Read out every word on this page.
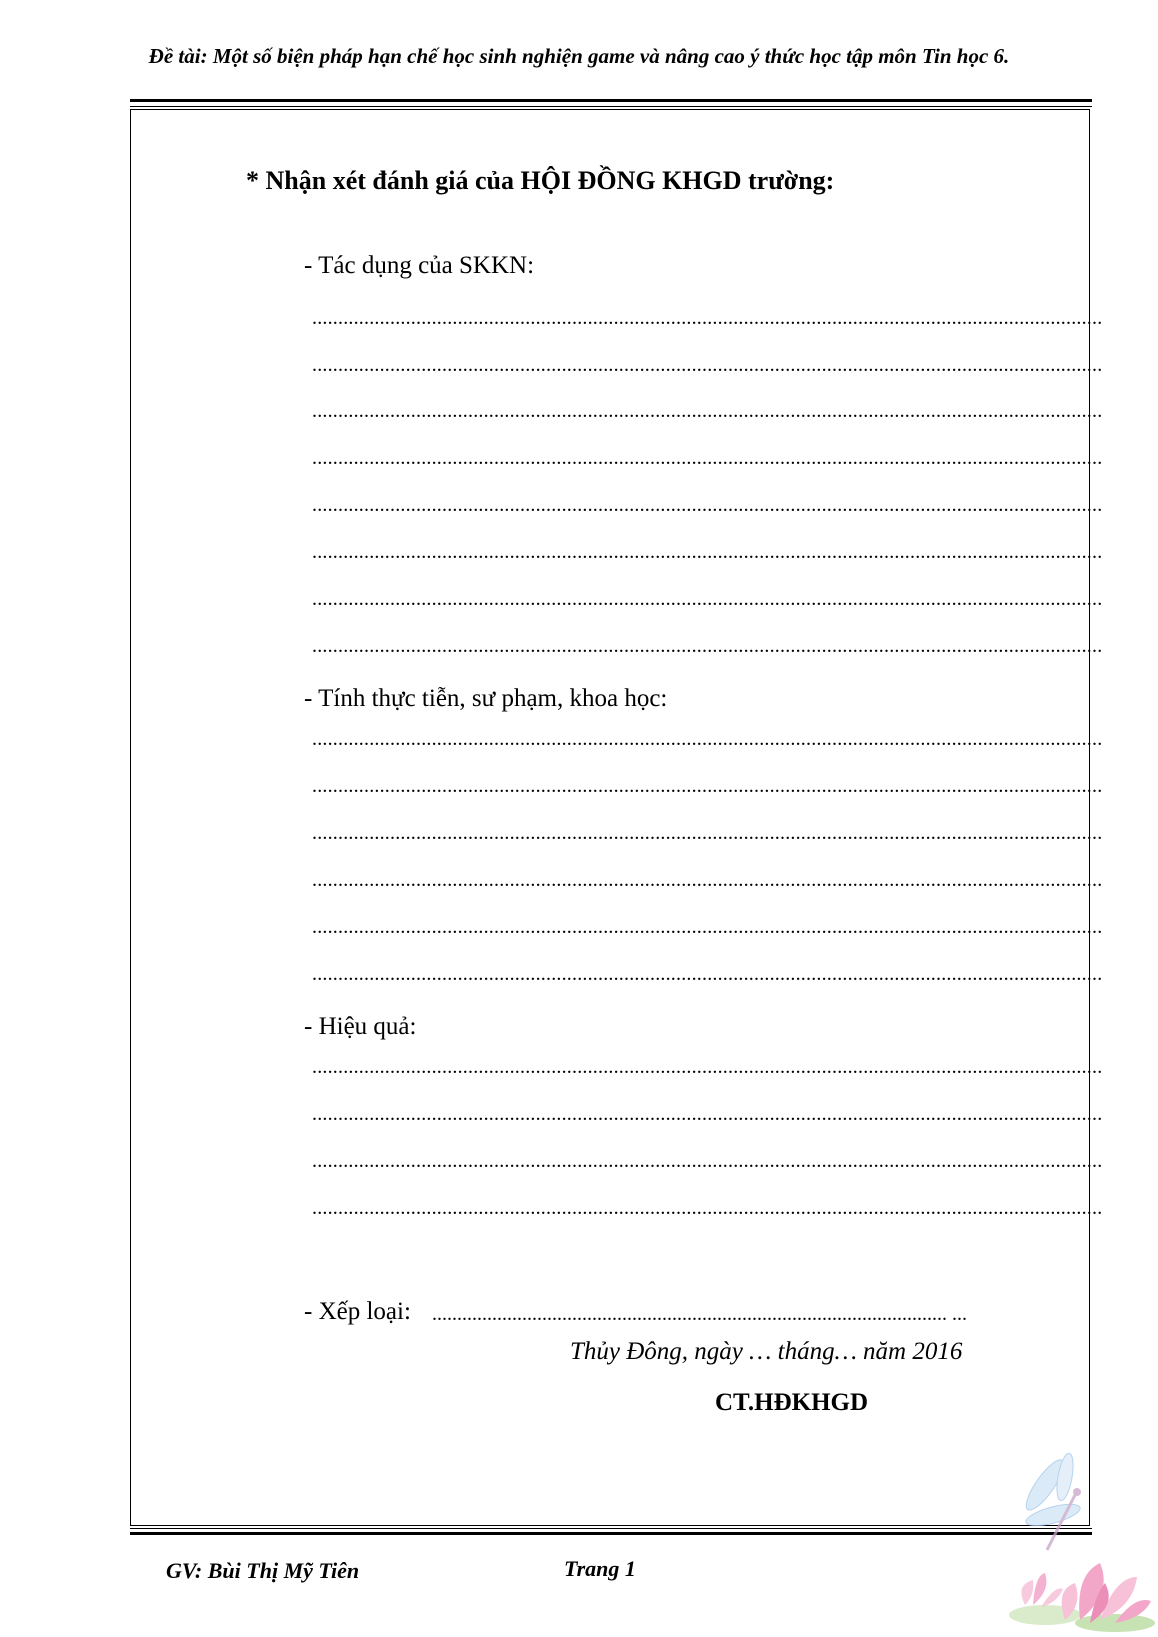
Đề tài: Một số biện pháp hạn chế học sinh nghiện game và nâng cao ý thức học tập môn Tin học 6.
* Nhận xét đánh giá của HỘI ĐỒNG KHGD trường:
- Tác dụng của SKKN:
........................................................................................................................................................
........................................................................................................................................................
........................................................................................................................................................
........................................................................................................................................................
........................................................................................................................................................
........................................................................................................................................................
........................................................................................................................................................
........................................................................................................................................................
- Tính thực tiễn, sư phạm, khoa học:
........................................................................................................................................................
........................................................................................................................................................
........................................................................................................................................................
........................................................................................................................................................
........................................................................................................................................................
........................................................................................................................................................
- Hiệu quả:
........................................................................................................................................................
........................................................................................................................................................
........................................................................................................................................................
........................................................................................................................................................
- Xếp loại: ....................................................................................................... ...
Thủy Đông, ngày … tháng… năm 2016
CT.HĐKHGD
GV: Bùi Thị Mỹ Tiên	Trang 1
